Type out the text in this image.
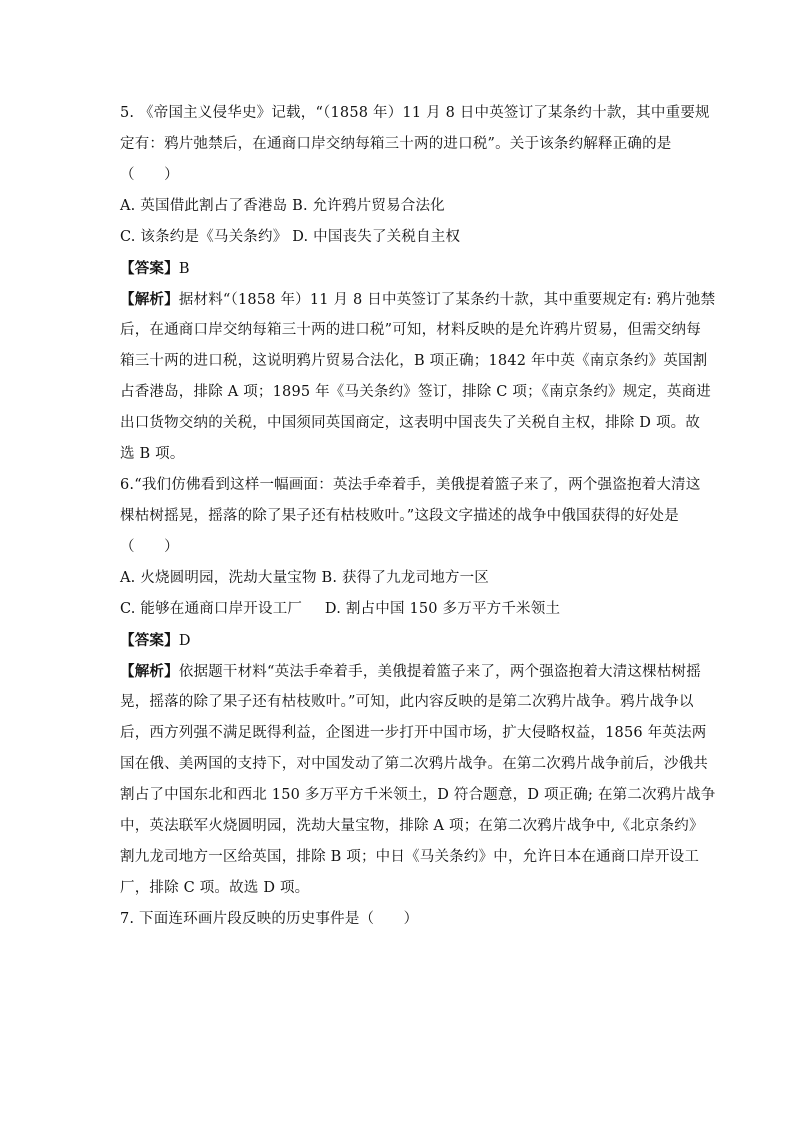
5. 《帝国主义侵华史》记载，“（1858 年）11 月 8 日中英签订了某条约十款，其中重要规
定有：鸦片弛禁后，在通商口岸交纳每箱三十两的进口税”。关于该条约解释正确的是
（　　）
A. 英国借此割占了香港岛 B. 允许鸦片贸易合法化
C. 该条约是《马关条约》 D. 中国丧失了关税自主权
【答案】B
【解析】据材料“（1858 年）11 月 8 日中英签订了某条约十款，其中重要规定有: 鸦片弛禁
后，在通商口岸交纳每箱三十两的进口税”可知，材料反映的是允许鸦片贸易，但需交纳每
箱三十两的进口税，这说明鸦片贸易合法化，B 项正确；1842 年中英《南京条约》英国割
占香港岛，排除 A 项；1895 年《马关条约》签订，排除 C 项；《南京条约》规定，英商进
出口货物交纳的关税，中国须同英国商定，这表明中国丧失了关税自主权，排除 D 项。故
选 B 项。
6.“我们仿佛看到这样一幅画面：英法手牵着手，美俄提着篮子来了，两个强盗抱着大清这
棵枯树摇晃，摇落的除了果子还有枯枝败叶。”这段文字描述的战争中俄国获得的好处是
（　　）
A. 火烧圆明园，洗劫大量宝物 B. 获得了九龙司地方一区
C. 能够在通商口岸开设工厂 D. 割占中国 150 多万平方千米领土
【答案】D
【解析】依据题干材料“英法手牵着手，美俄提着篮子来了，两个强盗抱着大清这棵枯树摇
晃，摇落的除了果子还有枯枝败叶。”可知，此内容反映的是第二次鸦片战争。鸦片战争以
后，西方列强不满足既得利益，企图进一步打开中国市场，扩大侵略权益，1856 年英法两
国在俄、美两国的支持下，对中国发动了第二次鸦片战争。在第二次鸦片战争前后，沙俄共
割占了中国东北和西北 150 多万平方千米领土，D 符合题意，D 项正确; 在第二次鸦片战争
中，英法联军火烧圆明园，洗劫大量宝物，排除 A 项；在第二次鸦片战争中,《北京条约》
割九龙司地方一区给英国，排除 B 项；中日《马关条约》中，允许日本在通商口岸开设工
厂，排除 C 项。故选 D 项。
7. 下面连环画片段反映的历史事件是（　　）
